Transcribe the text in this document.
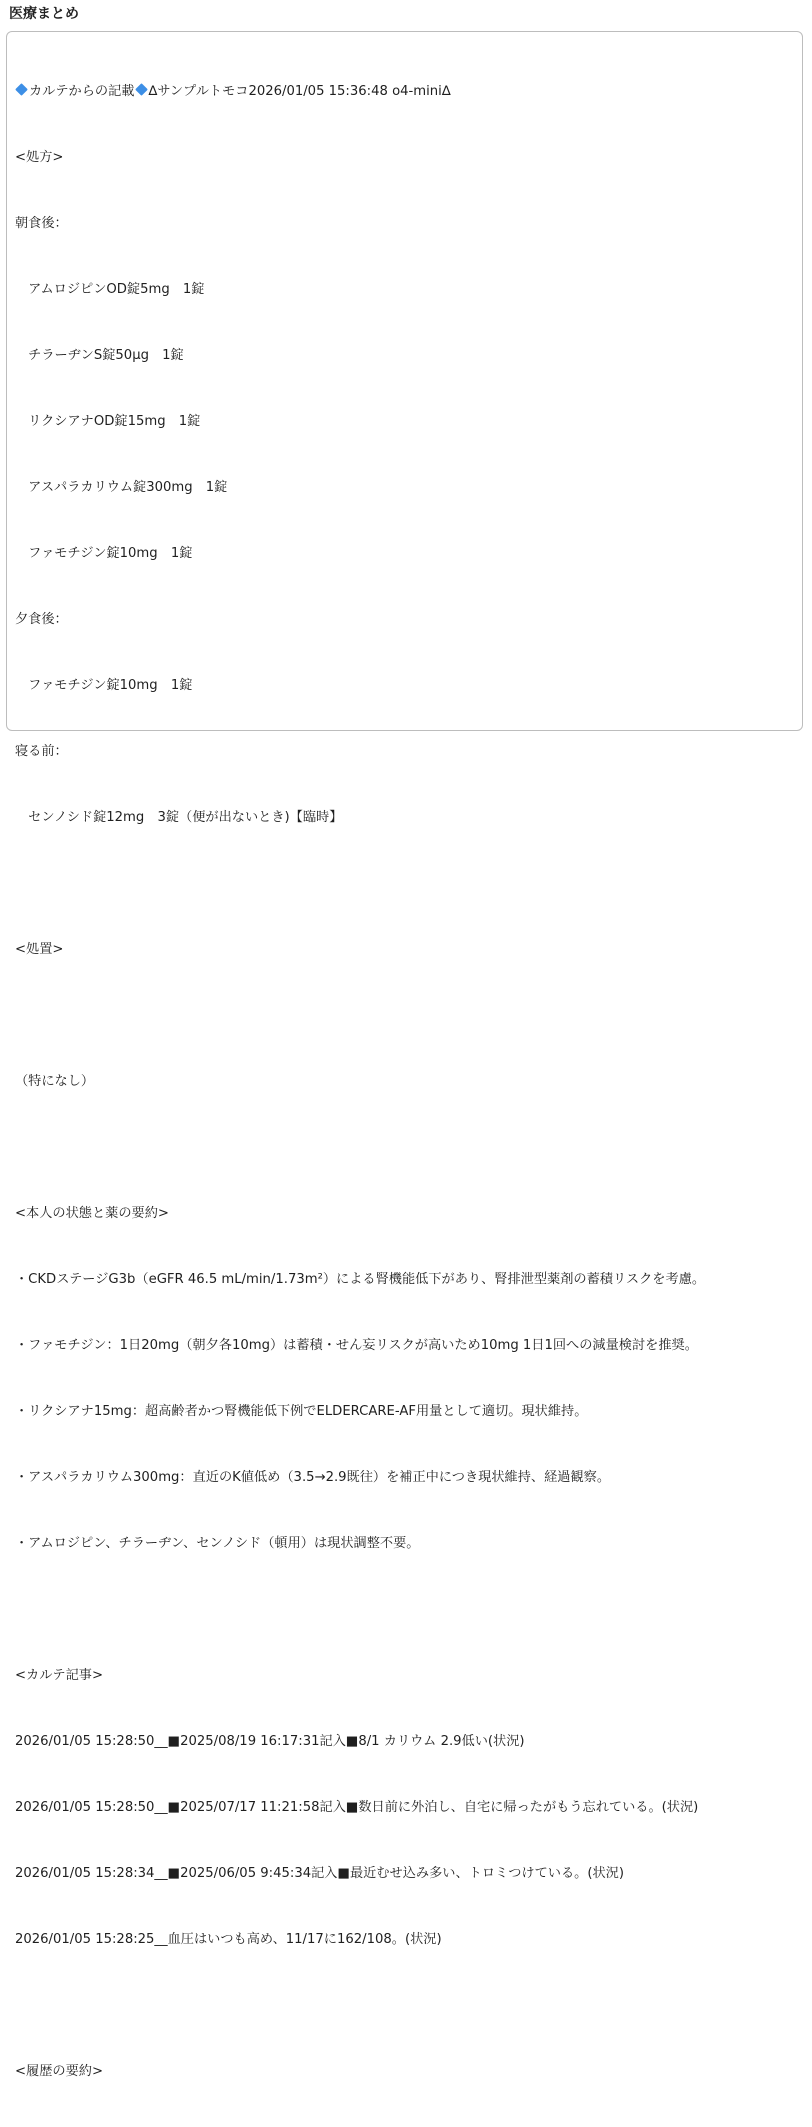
医療まとめ

カルテからの記載 ∆サンプルトモコ2026/01/05 15:36:48 o4-mini∆

<処方>

朝食後：

　アムロジピンOD錠5mg　1錠

　チラーヂンS錠50μg　1錠

　リクシアナOD錠15mg　1錠

　アスパラカリウム錠300mg　1錠

　ファモチジン錠10mg　1錠

夕食後：

　ファモチジン錠10mg　1錠

寝る前：

　センノシド錠12mg　3錠（便が出ないとき)【臨時】

<処置>

（特になし）

<本人の状態と薬の要約>

・CKDステージG3b（eGFR 46.5 mL/min/1.73m²）による腎機能低下があり、腎排泄型薬剤の蓄積リスクを考慮。

・ファモチジン：1日20mg（朝夕各10mg）は蓄積・せん妄リスクが高いため10mg 1日1回への減量検討を推奨。

・リクシアナ15mg：超高齢者かつ腎機能低下例でELDERCARE-AF用量として適切。現状維持。

・アスパラカリウム300mg：直近のK値低め（3.5→2.9既往）を補正中につき現状維持、経過観察。

・アムロジピン、チラーヂン、センノシド（頓用）は現状調整不要。

<カルテ記事>

2026/01/05 15:28:50__■2025/08/19 16:17:31記入■8/1 カリウム 2.9低い(状況)

2026/01/05 15:28:50__■2025/07/17 11:21:58記入■数日前に外泊し、自宅に帰ったがもう忘れている。(状況)

2026/01/05 15:28:34__■2025/06/05 9:45:34記入■最近むせ込み多い、トロミつけている。(状況)

2026/01/05 15:28:25__血圧はいつも高め、11/17に162/108。(状況)

<履歴の要約>
